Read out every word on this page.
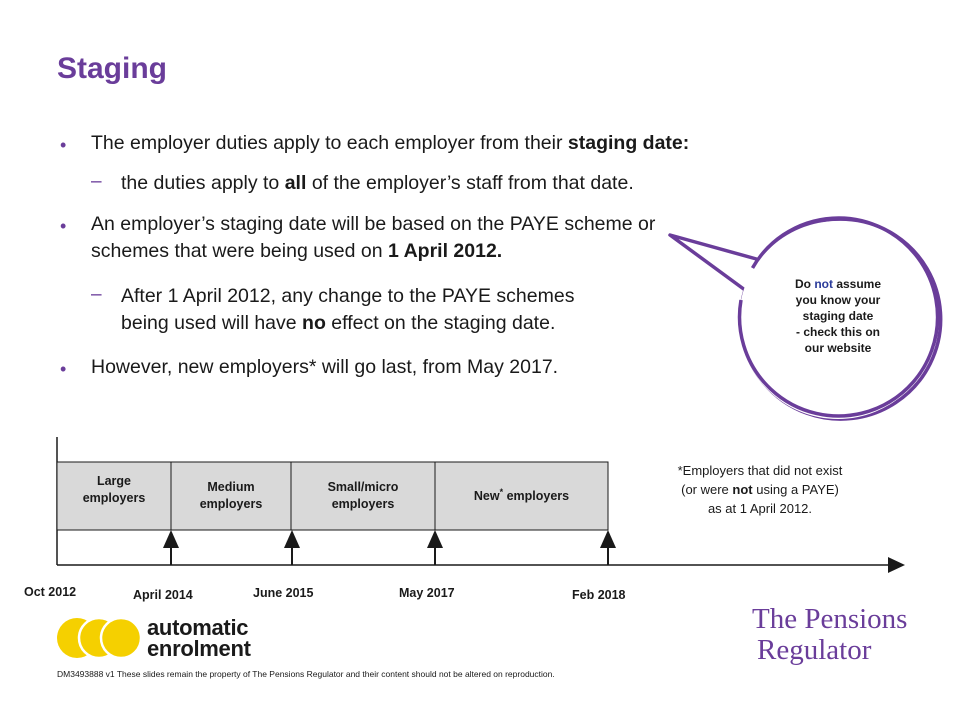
Staging
• The employer duties apply to each employer from their staging date:
– the duties apply to all of the employer’s staff from that date.
• An employer’s staging date will be based on the PAYE scheme or
schemes that were being used on 1 April 2012.
– After 1 April 2012, any change to the PAYE schemes
being used will have no effect on the staging date.
• However, new employers* will go last, from May 2017.
Do not assume
you know your
staging date
- check this on
our website
Large
employers
Medium
employers
Small/micro
employers
New* employers
Oct 2012	April 2014	June 2015	May 2017	Feb 2018
*Employers that did not exist
(or were not using a PAYE)
as at 1 April 2012.
automatic
enrolment
The Pensions
Regulator
DM3493888 v1 These slides remain the property of The Pensions Regulator and their content should not be altered on reproduction.
